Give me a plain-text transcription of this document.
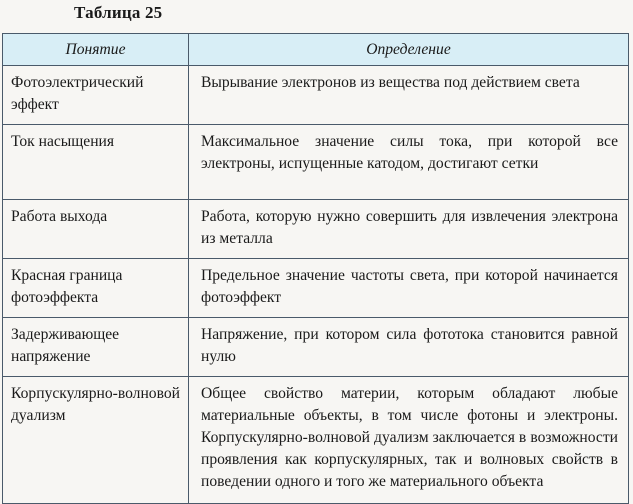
Таблица 25
Понятие	Определение

Фотоэлектрический эффект	Вырывание электронов из вещества под действием света

Ток насыщения	Максимальное значение силы тока, при которой все электроны, испущенные катодом, достигают сетки

Работа выхода	Работа, которую нужно совершить для извлечения электрона из металла

Красная граница фотоэффекта	Предельное значение частоты света, при которой начинается фотоэффект

Задерживающее напряжение	Напряжение, при котором сила фототока становится равной нулю

Корпускулярно-волновой дуализм	Общее свойство материи, которым обладают любые материальные объекты, в том числе фотоны и электроны. Корпускулярно-волновой дуализм заключается в возможности проявления как корпускулярных, так и волновых свойств в поведении одного и того же материального объекта
